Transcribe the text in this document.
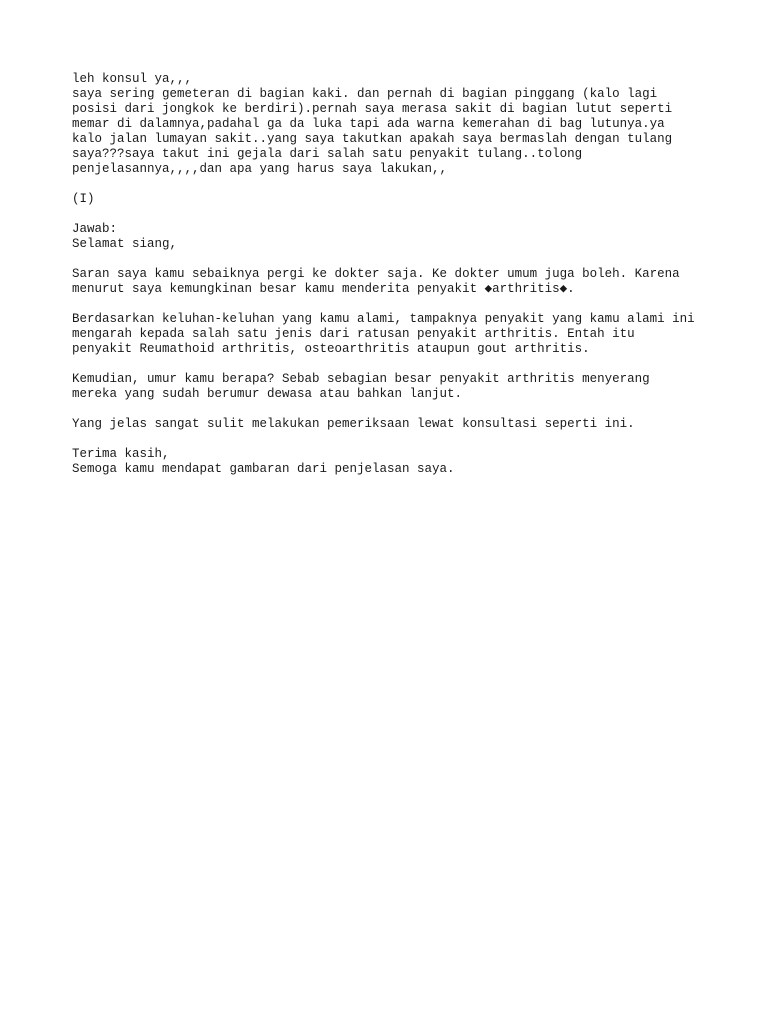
leh konsul ya,,,
saya sering gemeteran di bagian kaki. dan pernah di bagian pinggang (kalo lagi
posisi dari jongkok ke berdiri).pernah saya merasa sakit di bagian lutut seperti
memar di dalamnya,padahal ga da luka tapi ada warna kemerahan di bag lutunya.ya
kalo jalan lumayan sakit..yang saya takutkan apakah saya bermaslah dengan tulang
saya???saya takut ini gejala dari salah satu penyakit tulang..tolong
penjelasannya,,,,dan apa yang harus saya lakukan,,
(I)
Jawab:
Selamat siang,
Saran saya kamu sebaiknya pergi ke dokter saja. Ke dokter umum juga boleh. Karena
menurut saya kemungkinan besar kamu menderita penyakit ◆arthritis◆.
Berdasarkan keluhan-keluhan yang kamu alami, tampaknya penyakit yang kamu alami ini
mengarah kepada salah satu jenis dari ratusan penyakit arthritis. Entah itu
penyakit Reumathoid arthritis, osteoarthritis ataupun gout arthritis.
Kemudian, umur kamu berapa? Sebab sebagian besar penyakit arthritis menyerang
mereka yang sudah berumur dewasa atau bahkan lanjut.
Yang jelas sangat sulit melakukan pemeriksaan lewat konsultasi seperti ini.
Terima kasih,
Semoga kamu mendapat gambaran dari penjelasan saya.
